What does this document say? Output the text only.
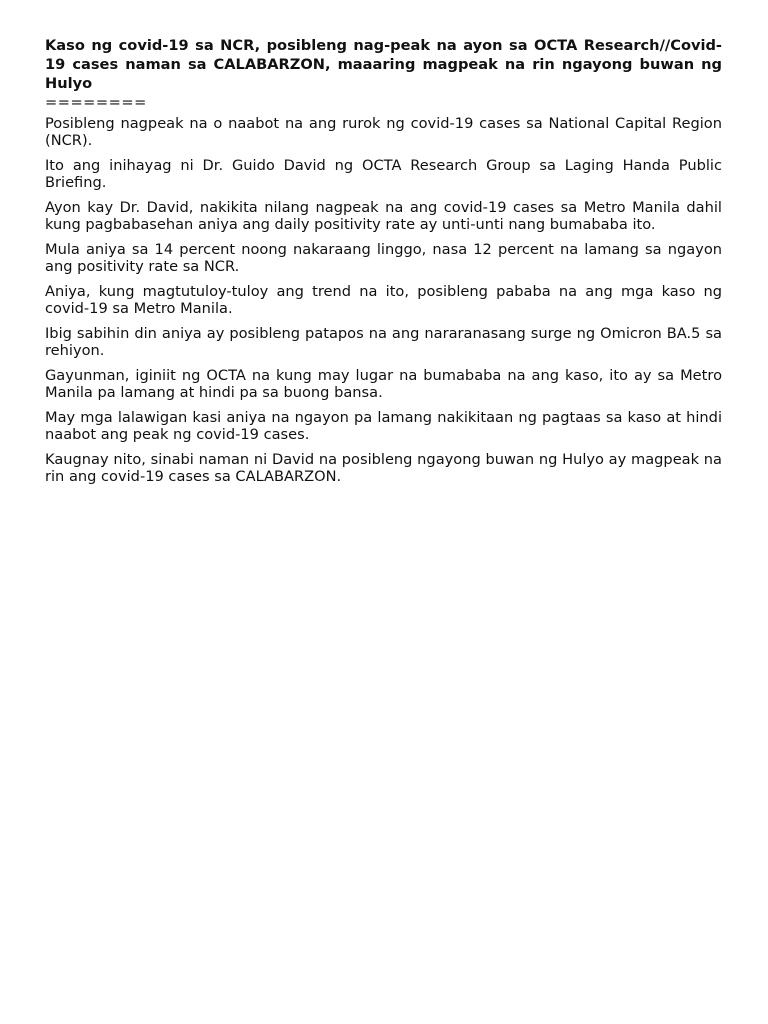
Kaso ng covid-19 sa NCR, posibleng nag-peak na ayon sa OCTA Research//Covid-19 cases naman sa CALABARZON, maaaring magpeak na rin ngayong buwan ng Hulyo
========

Posibleng nagpeak na o naabot na ang rurok ng covid-19 cases sa National Capital Region (NCR).

Ito ang inihayag ni Dr. Guido David ng OCTA Research Group sa Laging Handa Public Briefing.

Ayon kay Dr. David, nakikita nilang nagpeak na ang covid-19 cases sa Metro Manila dahil kung pagbabasehan aniya ang daily positivity rate ay unti-unti nang bumababa ito.

Mula aniya sa 14 percent noong nakaraang linggo, nasa 12 percent na lamang sa ngayon ang positivity rate sa NCR.

Aniya, kung magtutuloy-tuloy ang trend na ito, posibleng pababa na ang mga kaso ng covid-19 sa Metro Manila.

Ibig sabihin din aniya ay posibleng patapos na ang nararanasang surge ng Omicron BA.5 sa rehiyon.

Gayunman, iginiit ng OCTA na kung may lugar na bumababa na ang kaso, ito ay sa Metro Manila pa lamang at hindi pa sa buong bansa.

May mga lalawigan kasi aniya na ngayon pa lamang nakikitaan ng pagtaas sa kaso at hindi naabot ang peak ng covid-19 cases.

Kaugnay nito, sinabi naman ni David na posibleng ngayong buwan ng Hulyo ay magpeak na rin ang covid-19 cases sa CALABARZON.
